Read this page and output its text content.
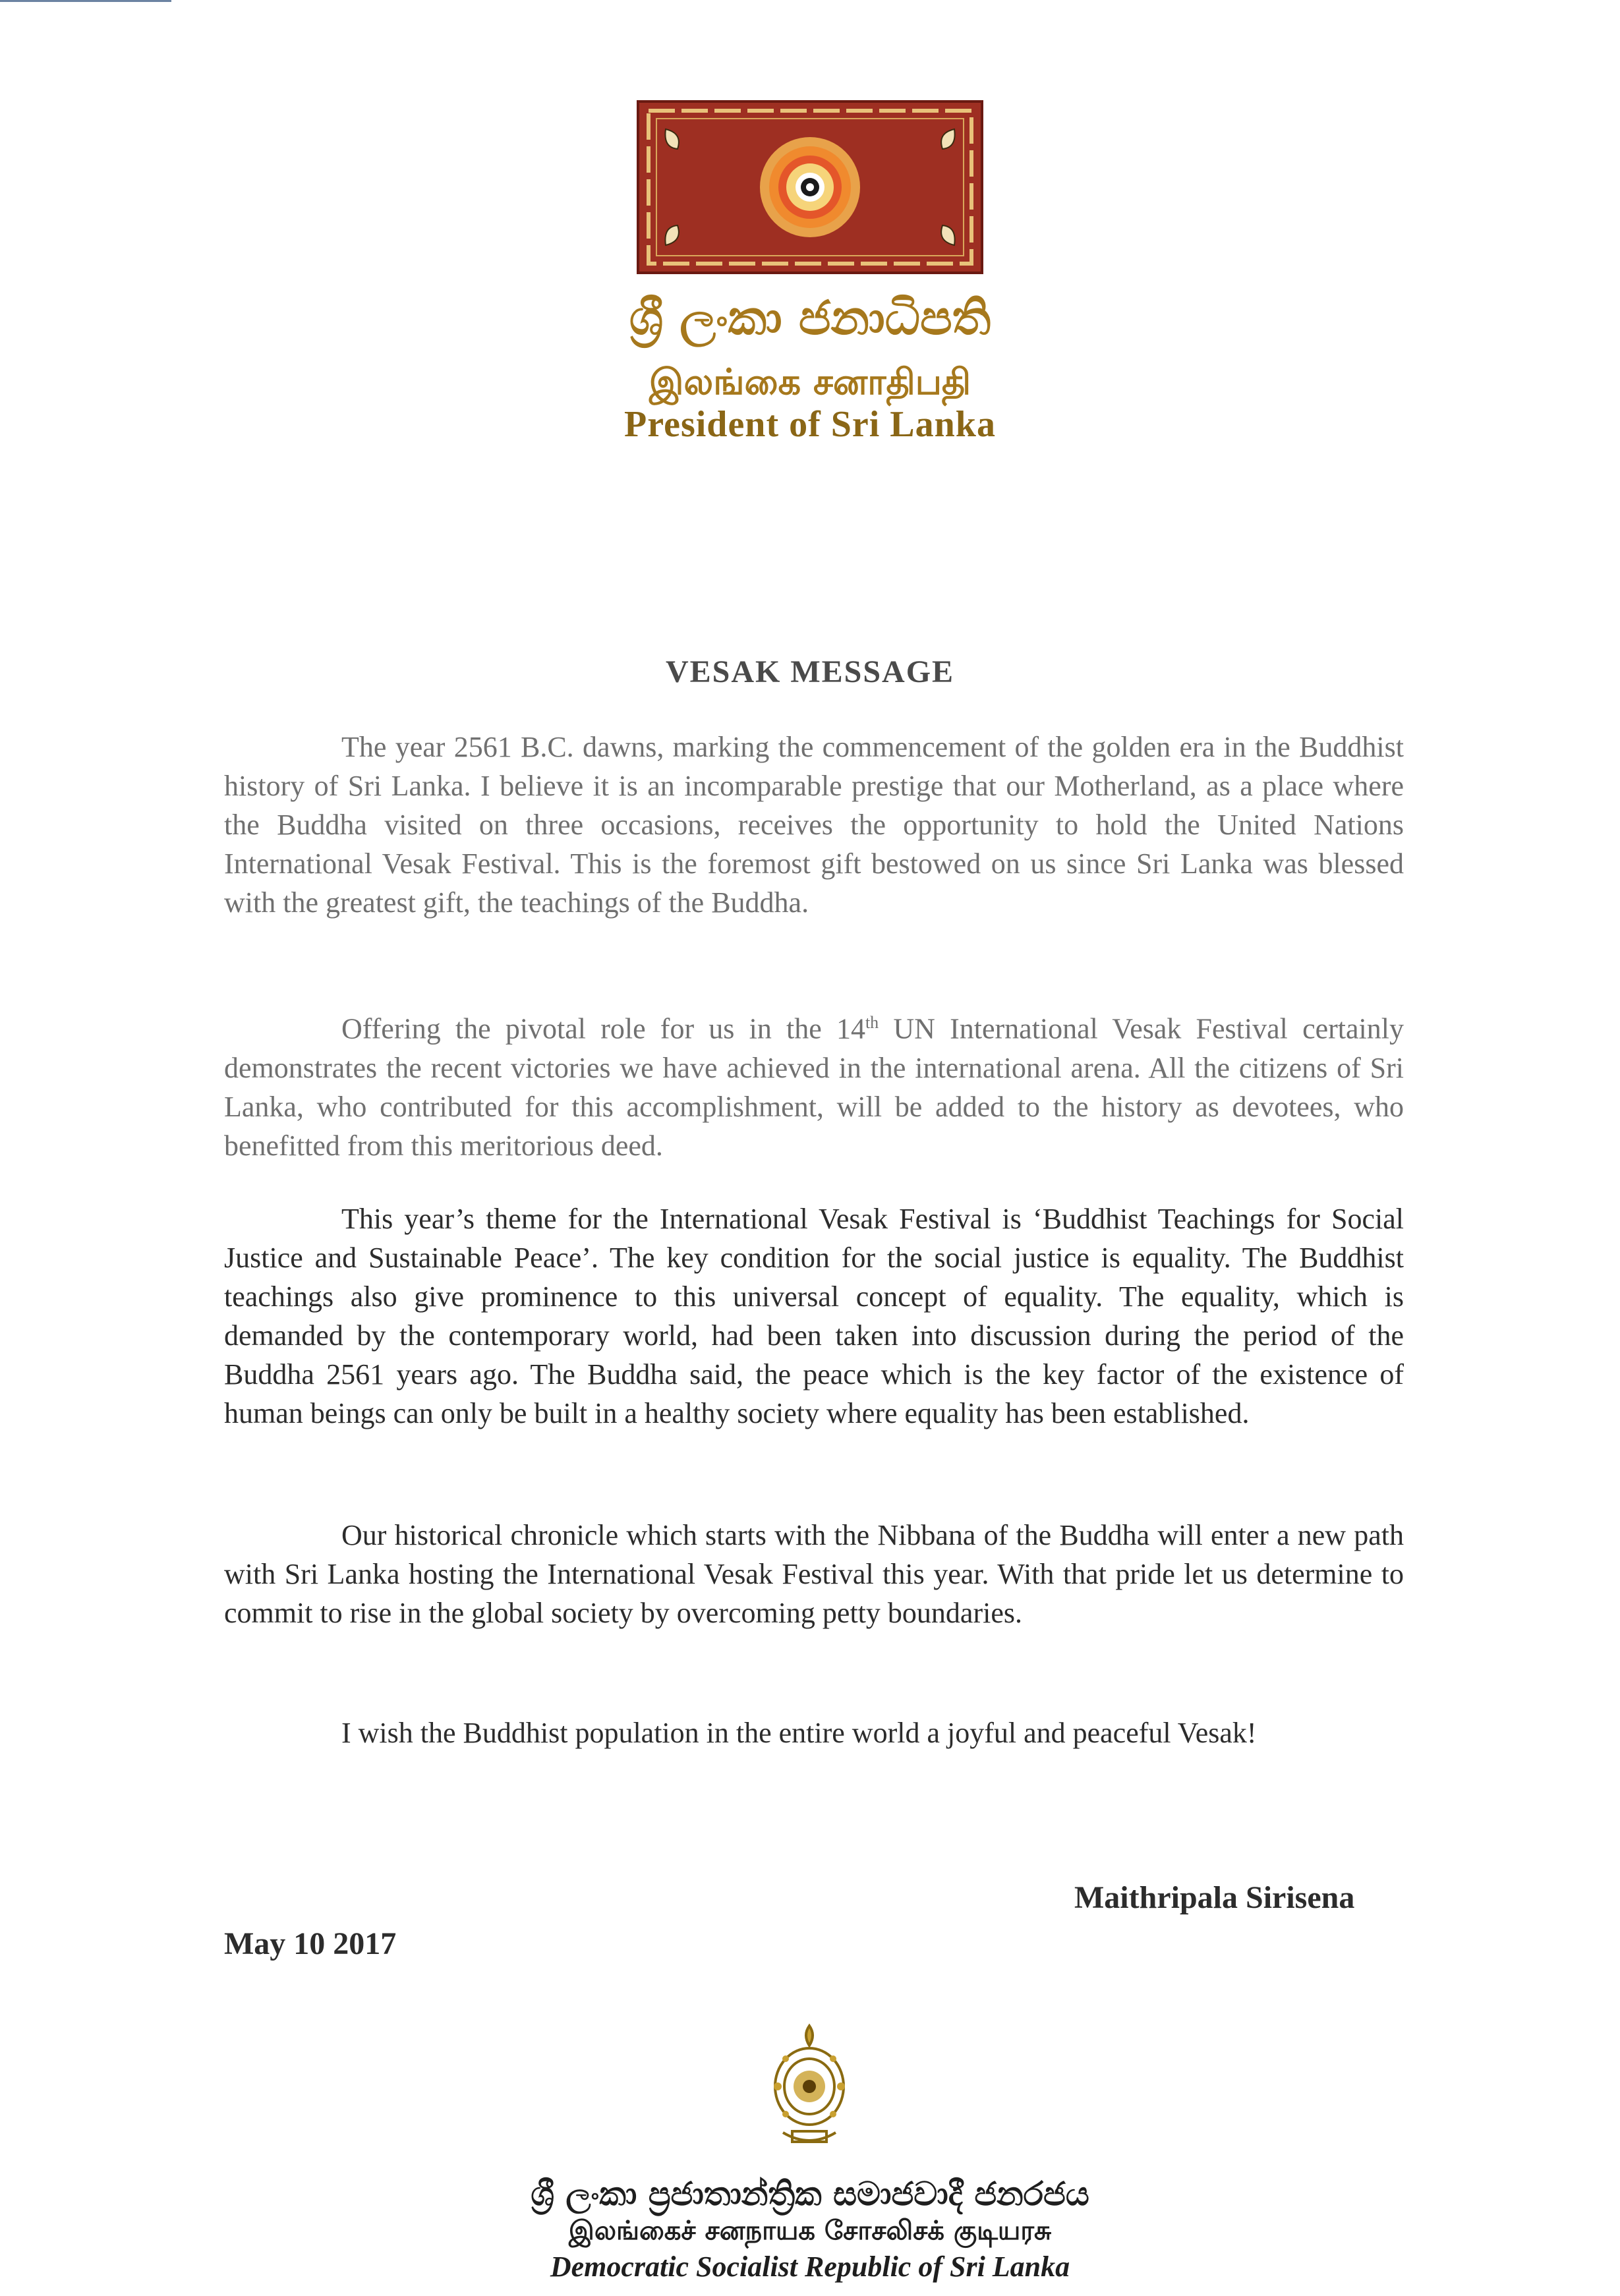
ශ්‍රී ලංකා ජනාධිපති
இலங்கை சனாதிபதி
President of Sri Lanka
VESAK MESSAGE

The year 2561 B.C. dawns, marking the commencement of the golden era in the Buddhist history of Sri Lanka. I believe it is an incomparable prestige that our Motherland, as a place where the Buddha visited on three occasions, receives the opportunity to hold the United Nations International Vesak Festival. This is the foremost gift bestowed on us since Sri Lanka was blessed with the greatest gift, the teachings of the Buddha.

Offering the pivotal role for us in the 14th UN International Vesak Festival certainly demonstrates the recent victories we have achieved in the international arena. All the citizens of Sri Lanka, who contributed for this accomplishment, will be added to the history as devotees, who benefitted from this meritorious deed.

This year’s theme for the International Vesak Festival is ‘Buddhist Teachings for Social Justice and Sustainable Peace’. The key condition for the social justice is equality. The Buddhist teachings also give prominence to this universal concept of equality. The equality, which is demanded by the contemporary world, had been taken into discussion during the period of the Buddha 2561 years ago. The Buddha said, the peace which is the key factor of the existence of human beings can only be built in a healthy society where equality has been established.

Our historical chronicle which starts with the Nibbana of the Buddha will enter a new path with Sri Lanka hosting the International Vesak Festival this year. With that pride let us determine to commit to rise in the global society by overcoming petty boundaries.

I wish the Buddhist population in the entire world a joyful and peaceful Vesak!

Maithripala Sirisena
May 10 2017
ශ්‍රී ලංකා ප්‍රජාතාන්ත්‍රික සමාජවාදී ජනරජය
இலங்கைச் சனநாயக சோசலிசக் குடியரசு
Democratic Socialist Republic of Sri Lanka
